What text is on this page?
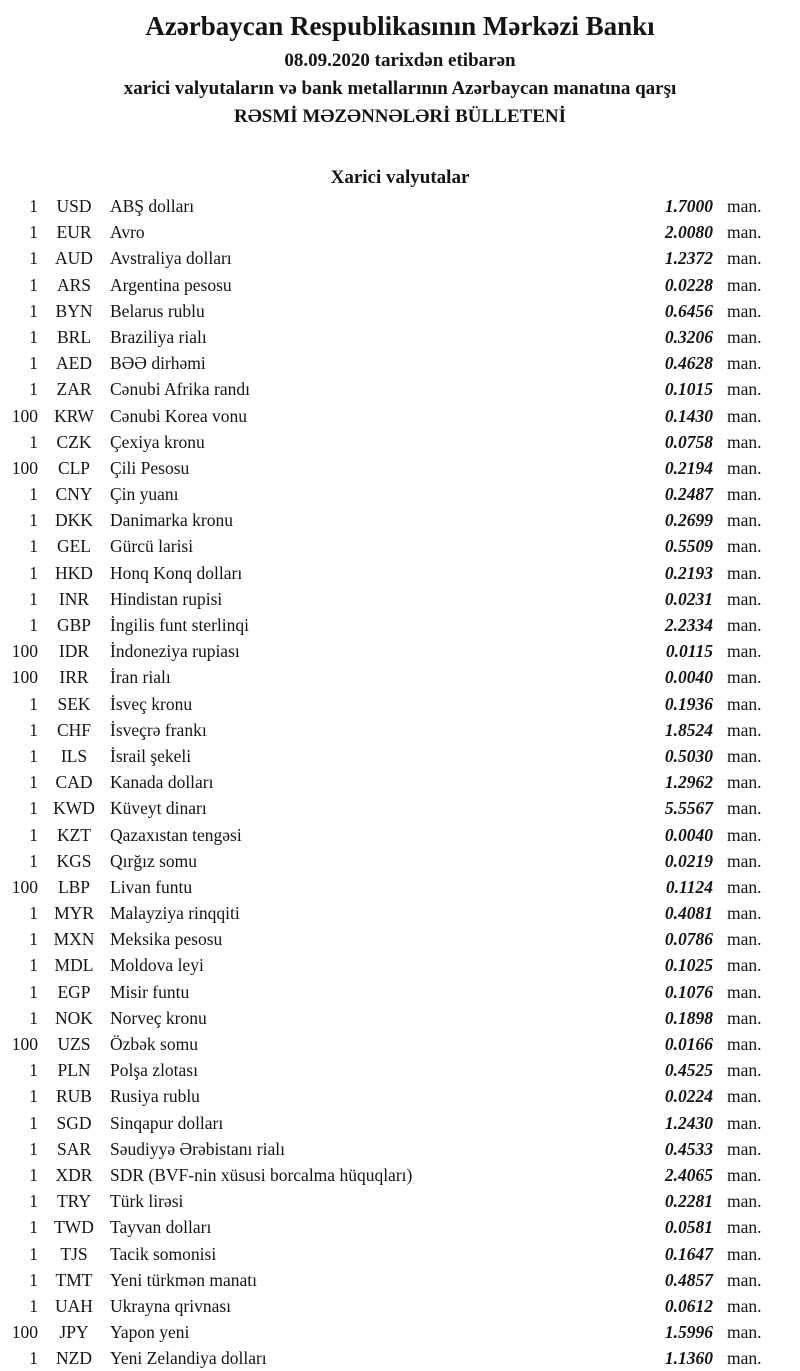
Azərbaycan Respublikasının Mərkəzi Bankı
08.09.2020 tarixdən etibarən
xarici valyutaların və bank metallarının Azərbaycan manatına qarşı
RƏSMİ MƏZƏNNƏLƏRİ BÜLLETENİ
Xarici valyutalar
1	USD	ABŞ dolları	1.7000 man.
1	EUR	Avro	2.0080 man.
1 AUD Avstraliya dolları	1.2372 man.
1	ARS	Argentina pesosu	0.0228 man.
1	BYN	Belarus rublu	0.6456 man.
1	BRL	Braziliya rialı	0.3206 man.
1	AED	BƏƏ dirhəmi	0.4628 man.
1	ZAR	Cənubi Afrika randı	0.1015 man.
100 KRW Cənubi Korea vonu	0.1430 man.
1	CZK	Çexiya kronu	0.0758 man.
100	CLP	Çili Pesosu	0.2194 man.
1	CNY	Çin yuanı	0.2487 man.
1 DKK Danimarka kronu	0.2699 man.
1	GEL	Gürcü larisi	0.5509 man.
1 HKD Honq Konq dolları	0.2193 man.
1	INR	Hindistan rupisi	0.0231 man.
1	GBP	İngilis funt sterlinqi	2.2334 man.
100	IDR	İndoneziya rupiası	0.0115 man.
100	IRR	İran rialı	0.0040 man.
1	SEK	İsveç kronu	0.1936 man.
1	CHF	İsveçrə frankı	1.8524 man.
1	ILS	İsrail şekeli	0.5030 man.
1	CAD	Kanada dolları	1.2962 man.
1 KWD Küveyt dinarı	5.5567 man.
1	KZT	Qazaxıstan tengəsi	0.0040 man.
1	KGS	Qırğız somu	0.0219 man.
100	LBP	Livan funtu	0.1124 man.
1 MYR Malayziya rinqqiti	0.4081 man.
1 MXN Meksika pesosu	0.0786 man.
1 MDL Moldova leyi	0.1025 man.
1	EGP	Misir funtu	0.1076 man.
1 NOK Norveç kronu	0.1898 man.
100	UZS	Özbək somu	0.0166 man.
1	PLN	Polşa zlotası	0.4525 man.
1	RUB	Rusiya rublu	0.0224 man.
1	SGD	Sinqapur dolları	1.2430 man.
1	SAR	Səudiyyə Ərəbistanı rialı	0.4533 man.
1	XDR	SDR (BVF-nin xüsusi borcalma hüquqları)	2.4065 man.
1	TRY	Türk lirəsi	0.2281 man.
1 TWD Tayvan dolları	0.0581 man.
1	TJS	Tacik somonisi	0.1647 man.
1	TMT	Yeni türkmən manatı	0.4857 man.
1 UAH Ukrayna qrivnası	0.0612 man.
100	JPY	Yapon yeni	1.5996 man.
1	NZD	Yeni Zelandiya dolları	1.1360 man.
